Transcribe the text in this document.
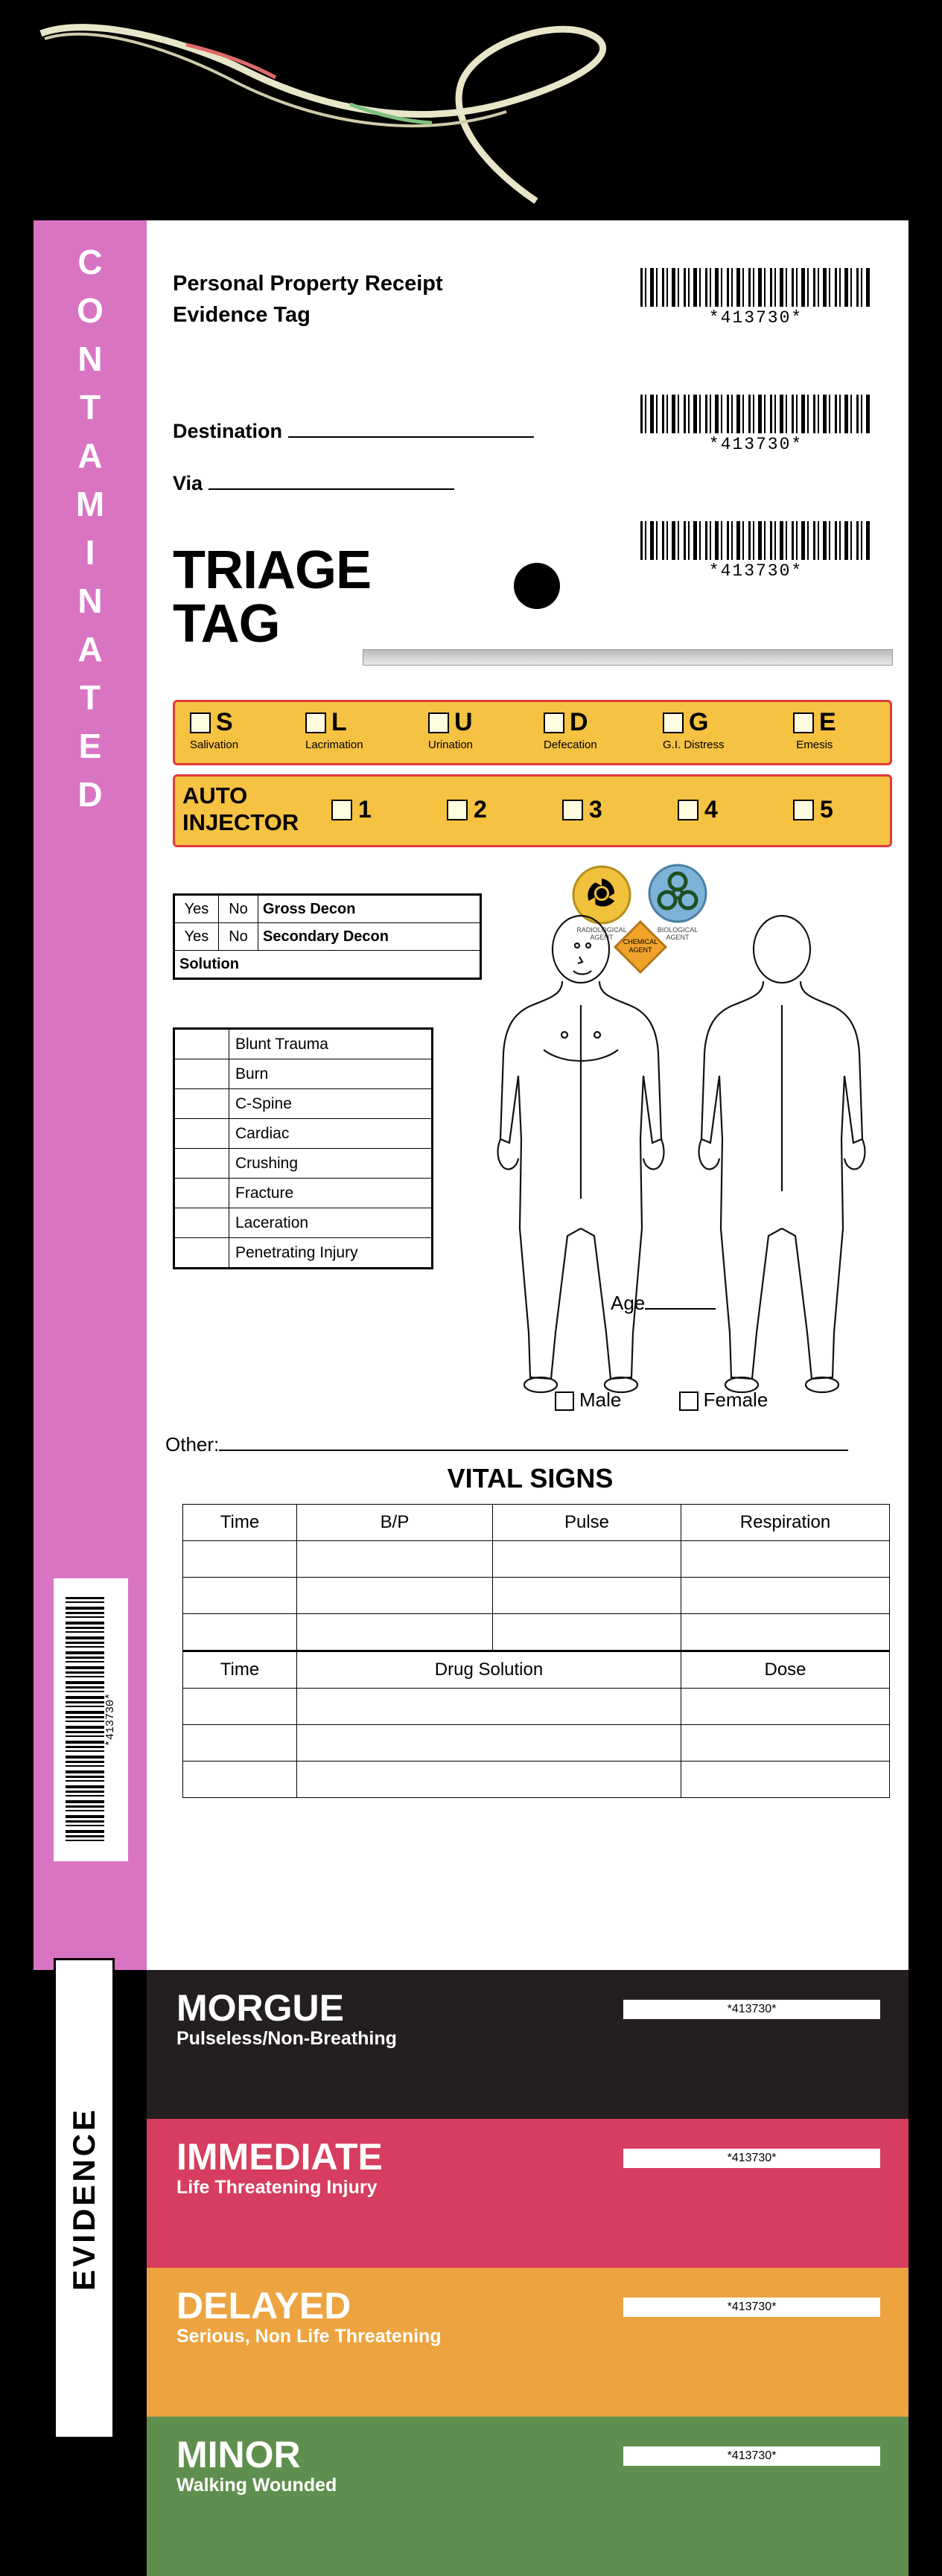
C
O
N
T
A
M
I
N
A
T
E
D
*413730*
EVIDENCE
Personal Property Receipt
Evidence Tag	*413730*
*413730*
*413730*
Destination
Via
TRIAGE
TAG
S
Salivation
L
Lacrimation
U
Urination
D
Defecation
G
G.I. Distress
E
Emesis
AUTO
INJECTOR	1	2	3	4	5
Yes	No	Gross Decon
Yes	No	Secondary Decon
Solution		
	Blunt Trauma
	Burn
	C-Spine
	Cardiac
	Crushing
	Fracture
	Laceration
	Penetrating Injury
RADIOLOGICAL
AGENT
BIOLOGICAL
AGENT
CHEMICAL
AGENT
Age
Male	Female
Other:
VITAL SIGNS
Time	B/P	Pulse	Respiration

Time	Drug Solution		Dose

MORGUE
Pulseless/Non-Breathing
*413730*
IMMEDIATE
Life Threatening Injury
*413730*
DELAYED
Serious, Non Life Threatening
*413730*
MINOR
Walking Wounded
*413730*
